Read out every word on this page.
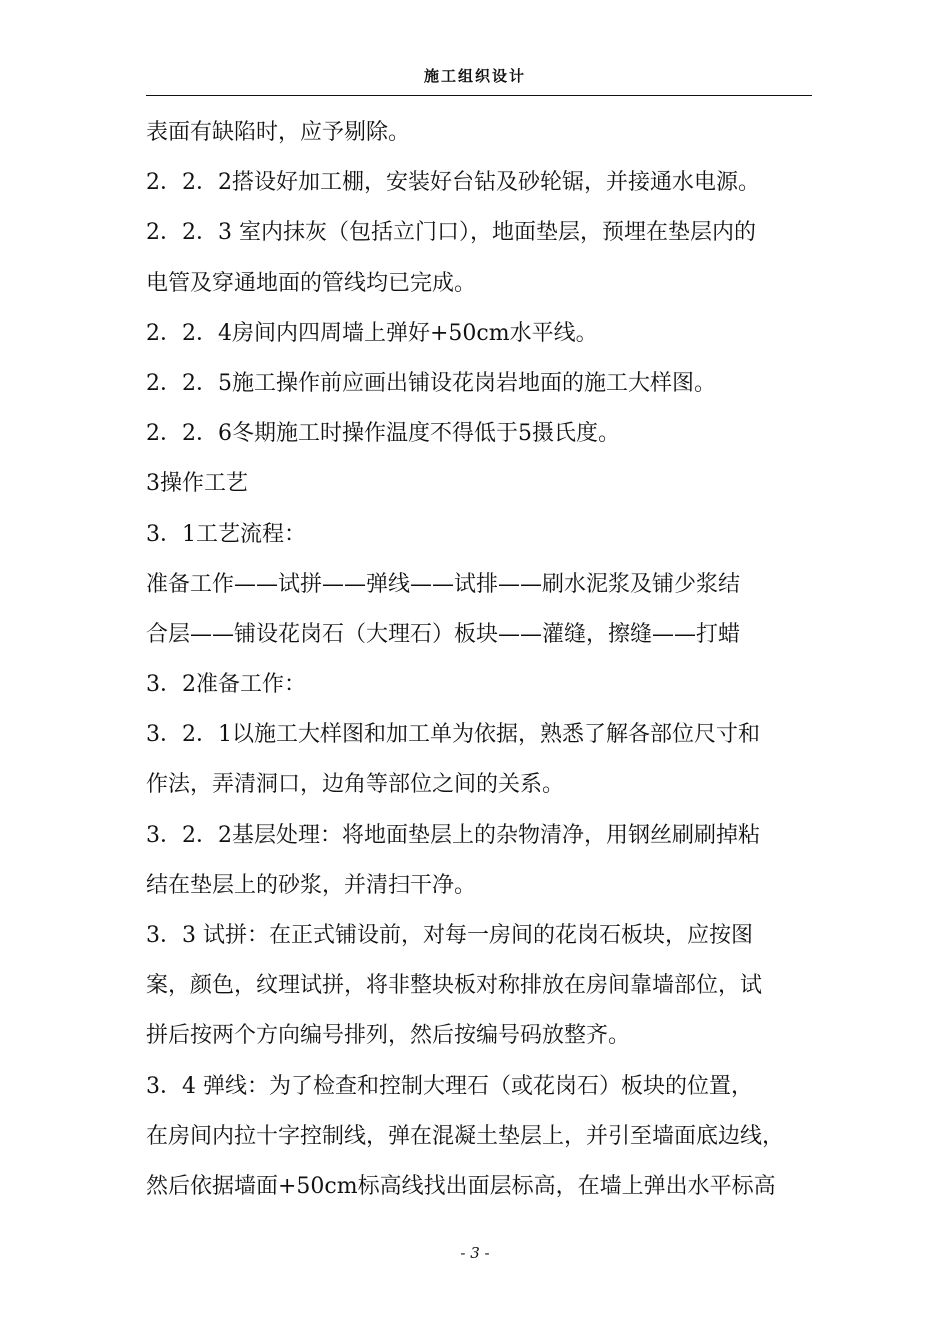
施工组织设计
表面有缺陷时，应予剔除。
2．2．2搭设好加工棚，安装好台钻及砂轮锯，并接通水电源。
2．2．3 室内抹灰（包括立门口），地面垫层，预埋在垫层内的
电管及穿通地面的管线均已完成。
2．2．4房间内四周墙上弹好+50cm水平线。
2．2．5施工操作前应画出铺设花岗岩地面的施工大样图。
2．2．6冬期施工时操作温度不得低于5摄氏度。
3操作工艺
3．1工艺流程：
准备工作——试拼——弹线——试排——刷水泥浆及铺少浆结
合层——铺设花岗石（大理石）板块——灌缝，擦缝——打蜡
3．2准备工作：
3．2．1以施工大样图和加工单为依据，熟悉了解各部位尺寸和
作法，弄清洞口，边角等部位之间的关系。
3．2．2基层处理：将地面垫层上的杂物清净，用钢丝刷刷掉粘
结在垫层上的砂浆，并清扫干净。
3．3 试拼：在正式铺设前，对每一房间的花岗石板块，应按图
案，颜色，纹理试拼，将非整块板对称排放在房间靠墙部位，试
拼后按两个方向编号排列，然后按编号码放整齐。
3．4 弹线：为了检查和控制大理石（或花岗石）板块的位置，
在房间内拉十字控制线，弹在混凝土垫层上，并引至墙面底边线，
然后依据墙面+50cm标高线找出面层标高，在墙上弹出水平标高
- 3 -
